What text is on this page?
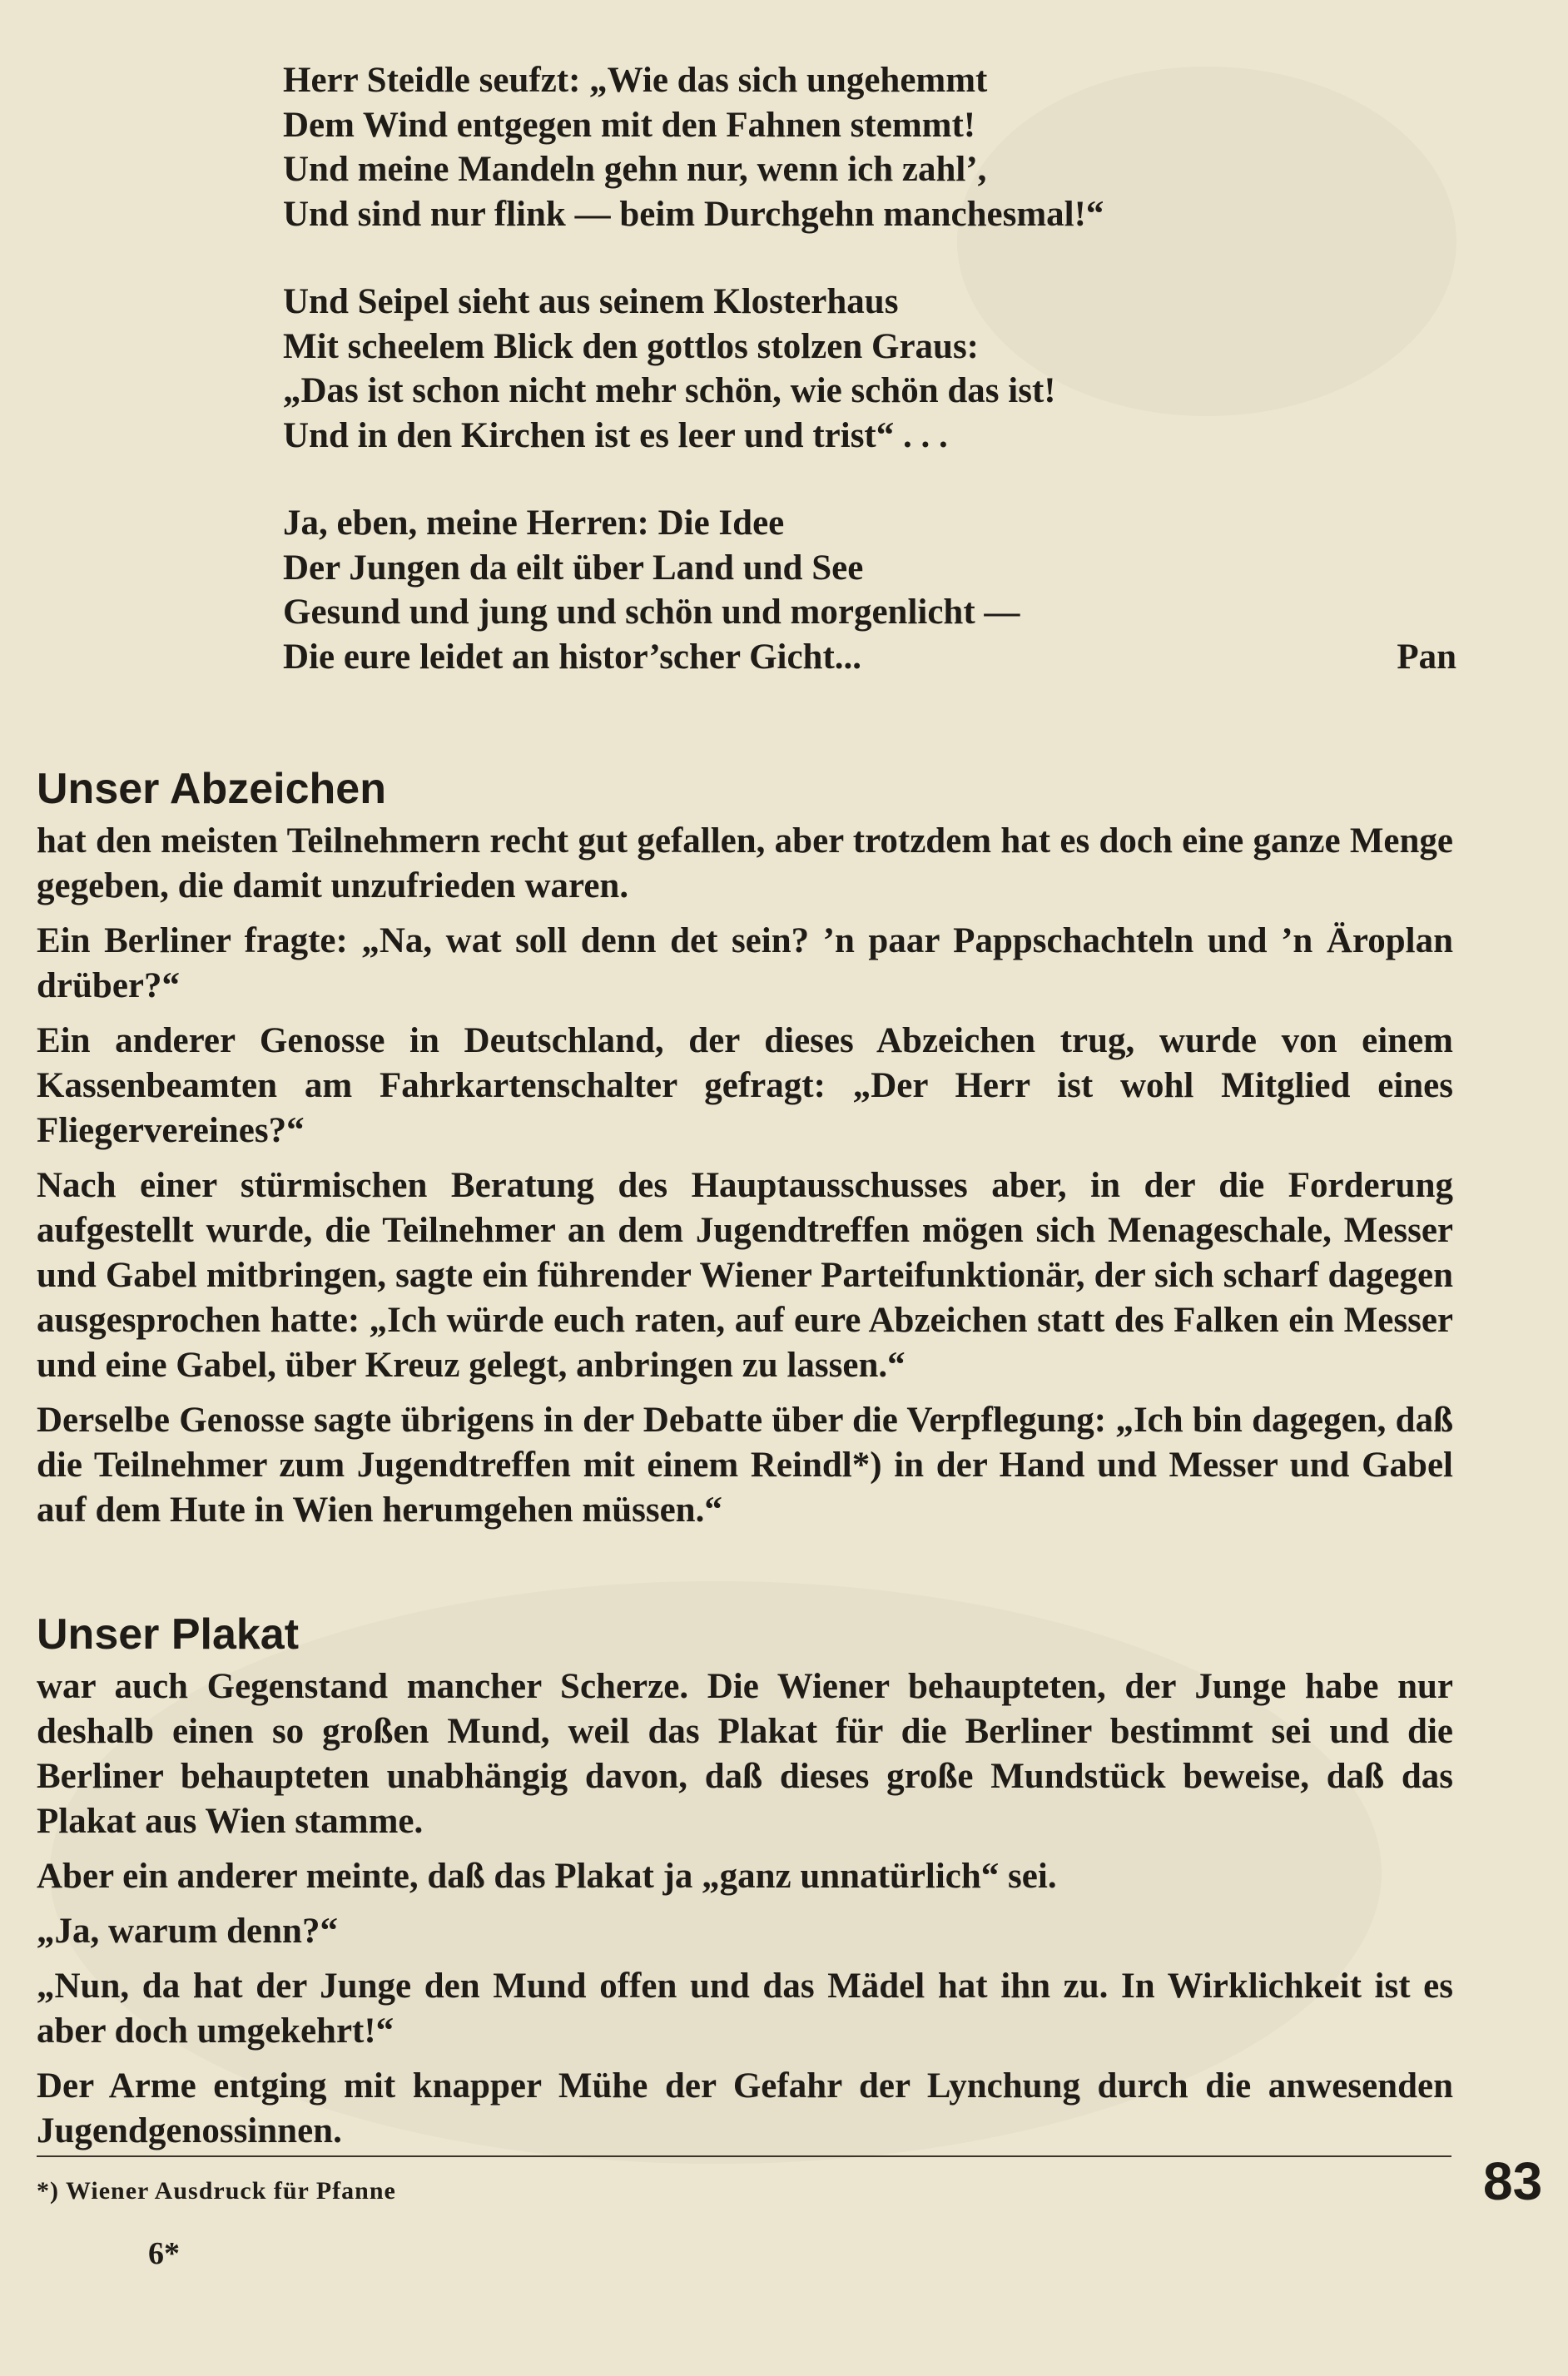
Herr Steidle seufzt: „Wie das sich ungehemmt
Dem Wind entgegen mit den Fahnen stemmt!
Und meine Mandeln gehn nur, wenn ich zahl’,
Und sind nur flink — beim Durchgehn manchesmal!“
Und Seipel sieht aus seinem Klosterhaus
Mit scheelem Blick den gottlos stolzen Graus:
„Das ist schon nicht mehr schön, wie schön das ist!
Und in den Kirchen ist es leer und trist“ . . .
Ja, eben, meine Herren: Die Idee
Der Jungen da eilt über Land und See
Gesund und jung und schön und morgenlicht —
Die eure leidet an histor’scher Gicht...	Pan
Unser Abzeichen

hat den meisten Teilnehmern recht gut gefallen, aber trotzdem hat es doch eine ganze Menge gegeben, die damit unzufrieden waren.

Ein Berliner fragte: „Na, wat soll denn det sein? ’n paar Pappschachteln und ’n Äroplan drüber?“

Ein anderer Genosse in Deutschland, der dieses Abzeichen trug, wurde von einem Kassenbeamten am Fahrkartenschalter gefragt: „Der Herr ist wohl Mitglied eines Fliegervereines?“

Nach einer stürmischen Beratung des Hauptausschusses aber, in der die Forderung aufgestellt wurde, die Teilnehmer an dem Jugendtreffen mögen sich Menageschale, Messer und Gabel mitbringen, sagte ein führender Wiener Parteifunktionär, der sich scharf dagegen ausgesprochen hatte: „Ich würde euch raten, auf eure Abzeichen statt des Falken ein Messer und eine Gabel, über Kreuz gelegt, anbringen zu lassen.“

Derselbe Genosse sagte übrigens in der Debatte über die Verpflegung: „Ich bin dagegen, daß die Teilnehmer zum Jugendtreffen mit einem Reindl*) in der Hand und Messer und Gabel auf dem Hute in Wien herumgehen müssen.“

Unser Plakat

war auch Gegenstand mancher Scherze. Die Wiener behaupteten, der Junge habe nur deshalb einen so großen Mund, weil das Plakat für die Berliner bestimmt sei und die Berliner behaupteten unabhängig davon, daß dieses große Mundstück beweise, daß das Plakat aus Wien stamme.

Aber ein anderer meinte, daß das Plakat ja „ganz unnatürlich“ sei.

„Ja, warum denn?“

„Nun, da hat der Junge den Mund offen und das Mädel hat ihn zu. In Wirklichkeit ist es aber doch umgekehrt!“

Der Arme entging mit knapper Mühe der Gefahr der Lynchung durch die anwesenden Jugendgenossinnen.

*) Wiener Ausdruck für Pfanne	83
6*
